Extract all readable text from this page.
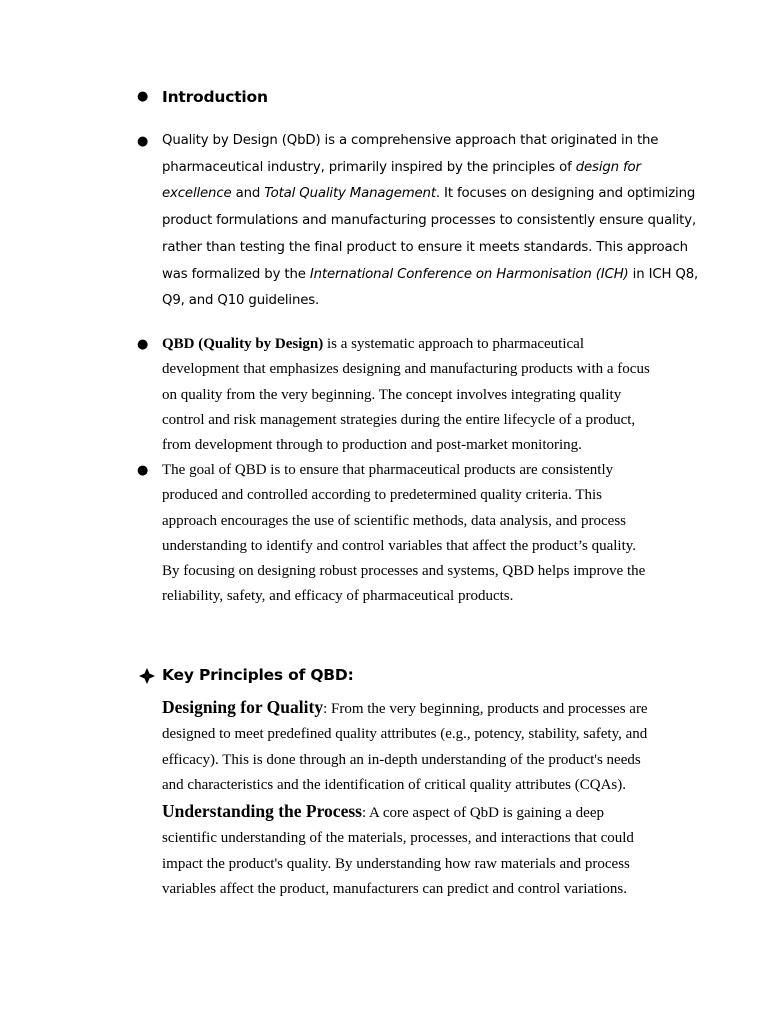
● Introduction
● Quality by Design (QbD) is a comprehensive approach that originated in the
pharmaceutical industry, primarily inspired by the principles of design for
excellence and Total Quality Management. It focuses on designing and optimizing
product formulations and manufacturing processes to consistently ensure quality,
rather than testing the final product to ensure it meets standards. This approach
was formalized by the International Conference on Harmonisation (ICH) in ICH Q8,
Q9, and Q10 guidelines.
● QBD (Quality by Design) is a systematic approach to pharmaceutical
development that emphasizes designing and manufacturing products with a focus
on quality from the very beginning. The concept involves integrating quality
control and risk management strategies during the entire lifecycle of a product,
from development through to production and post-market monitoring.
● The goal of QBD is to ensure that pharmaceutical products are consistently
produced and controlled according to predetermined quality criteria. This
approach encourages the use of scientific methods, data analysis, and process
understanding to identify and control variables that affect the product’s quality.
By focusing on designing robust processes and systems, QBD helps improve the
reliability, safety, and efficacy of pharmaceutical products.
Key Principles of QBD:
Designing for Quality: From the very beginning, products and processes are
designed to meet predefined quality attributes (e.g., potency, stability, safety, and
efficacy). This is done through an in-depth understanding of the product's needs
and characteristics and the identification of critical quality attributes (CQAs).
Understanding the Process: A core aspect of QbD is gaining a deep
scientific understanding of the materials, processes, and interactions that could
impact the product's quality. By understanding how raw materials and process
variables affect the product, manufacturers can predict and control variations.
